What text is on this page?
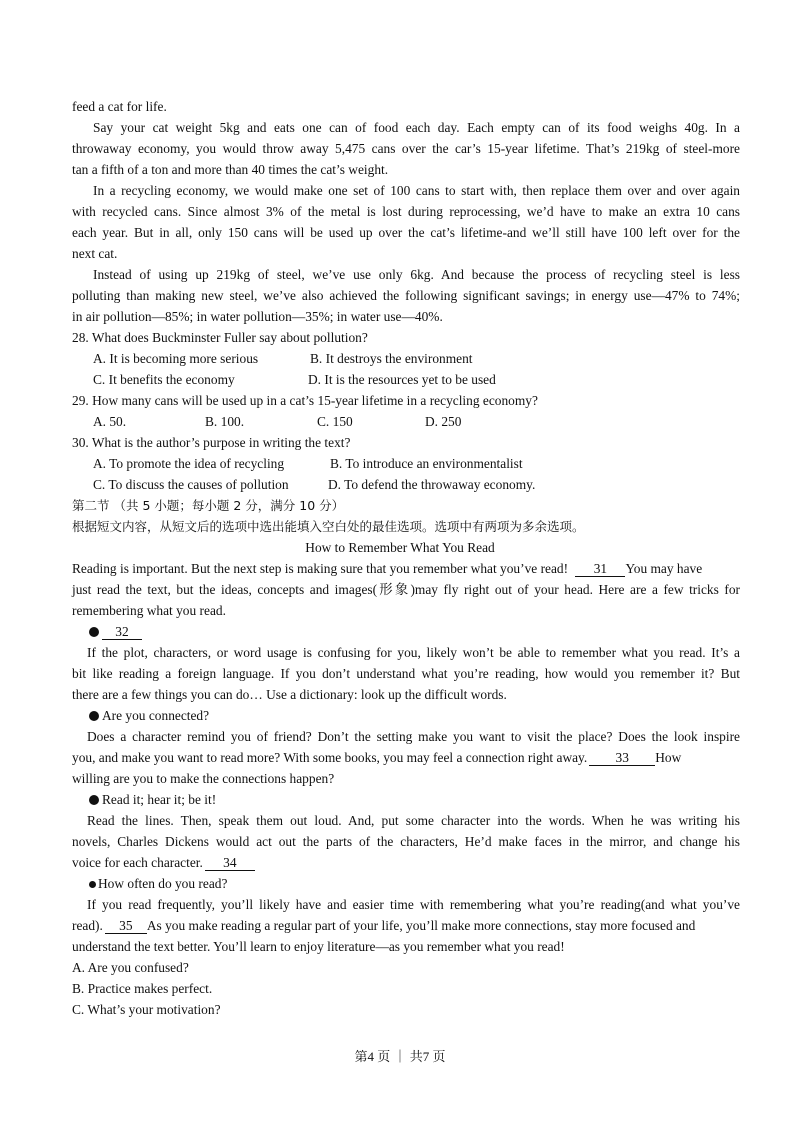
feed a cat for life.
Say your cat weight 5kg and eats one can of food each day. Each empty can of its food weighs 40g. In a
throwaway economy, you would throw away 5,475 cans over the car’s 15-year lifetime. That’s 219kg of steel-more
tan a fifth of a ton and more than 40 times the cat’s weight.
In a recycling economy, we would make one set of 100 cans to start with, then replace them over and over again
with recycled cans. Since almost 3% of the metal is lost during reprocessing, we’d have to make an extra 10 cans
each year. But in all, only 150 cans will be used up over the cat’s lifetime-and we’ll still have 100 left over for the
next cat.
Instead of using up 219kg of steel, we’ve use only 6kg. And because the process of recycling steel is less
polluting than making new steel, we’ve also achieved the following significant savings; in energy use—47% to 74%;
in air pollution—85%; in water pollution—35%; in water use—40%.
28. What does Buckminster Fuller say about pollution?
A. It is becoming more serious	B. It destroys the environment
C. It benefits the economy	D. It is the resources yet to be used
29. How many cans will be used up in a cat’s 15-year lifetime in a recycling economy?
A. 50.	B. 100.	C. 150	D. 250
30. What is the author’s purpose in writing the text?
A. To promote the idea of recycling	B. To introduce an environmentalist
C. To discuss the causes of pollution	D. To defend the throwaway economy.
第二节 （共 5 小题；每小题 2 分，满分 10 分）
根据短文内容，从短文后的选项中选出能填入空白处的最佳选项。选项中有两项为多余选项。
How to Remember What You Read
Reading is important. But the next step is making sure that you remember what you’ve read! 31 You may have
just read the text, but the ideas, concepts and images(形象)may fly right out of your head. Here are a few tricks for
remembering what you read.
32
If the plot, characters, or word usage is confusing for you, likely won’t be able to remember what you read. It’s a
bit like reading a foreign language. If you don’t understand what you’re reading, how would you remember it? But
there are a few things you can do… Use a dictionary: look up the difficult words.
Are you connected?
Does a character remind you of friend? Don’t the setting make you want to visit the place? Does the look inspire
you, and make you want to read more? With some books, you may feel a connection right away. 33 How
willing are you to make the connections happen?
Read it; hear it; be it!
Read the lines. Then, speak them out loud. And, put some character into the words. When he was writing his
novels, Charles Dickens would act out the parts of the characters, He’d make faces in the mirror, and change his
voice for each character. 34
How often do you read?
If you read frequently, you’ll likely have and easier time with remembering what you’re reading(and what you’ve
read). 35 As you make reading a regular part of your life, you’ll make more connections, stay more focused and
understand the text better. You’ll learn to enjoy literature—as you remember what you read!
A. Are you confused?
B. Practice makes perfect.
C. What’s your motivation?
第4 页 ｜ 共7 页
